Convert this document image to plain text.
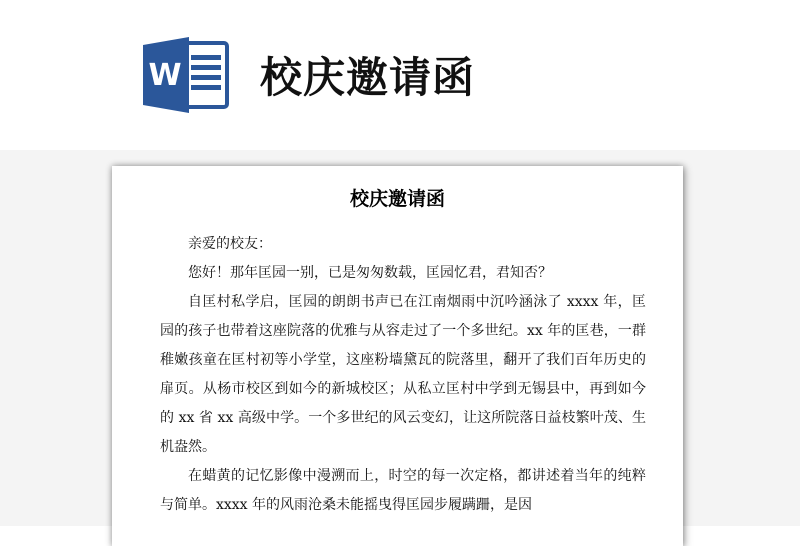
W 校庆邀请函
校庆邀请函

亲爱的校友：

您好！那年匡园一别，已是匆匆数载，匡园忆君，君知否？

自匡村私学启，匡园的朗朗书声已在江南烟雨中沉吟涵泳了 xxxx 年，匡园的孩子也带着这座院落的优雅与从容走过了一个多世纪。xx 年的匡巷，一群稚嫩孩童在匡村初等小学堂，这座粉墙黛瓦的院落里，翻开了我们百年历史的扉页。从杨市校区到如今的新城校区；从私立匡村中学到无锡县中，再到如今的 xx 省 xx 高级中学。一个多世纪的风云变幻，让这所院落日益枝繁叶茂、生机盎然。

在蜡黄的记忆影像中漫溯而上，时空的每一次定格，都讲述着当年的纯粹与简单。xxxx 年的风雨沧桑未能摇曳得匡园步履蹒跚，是因
